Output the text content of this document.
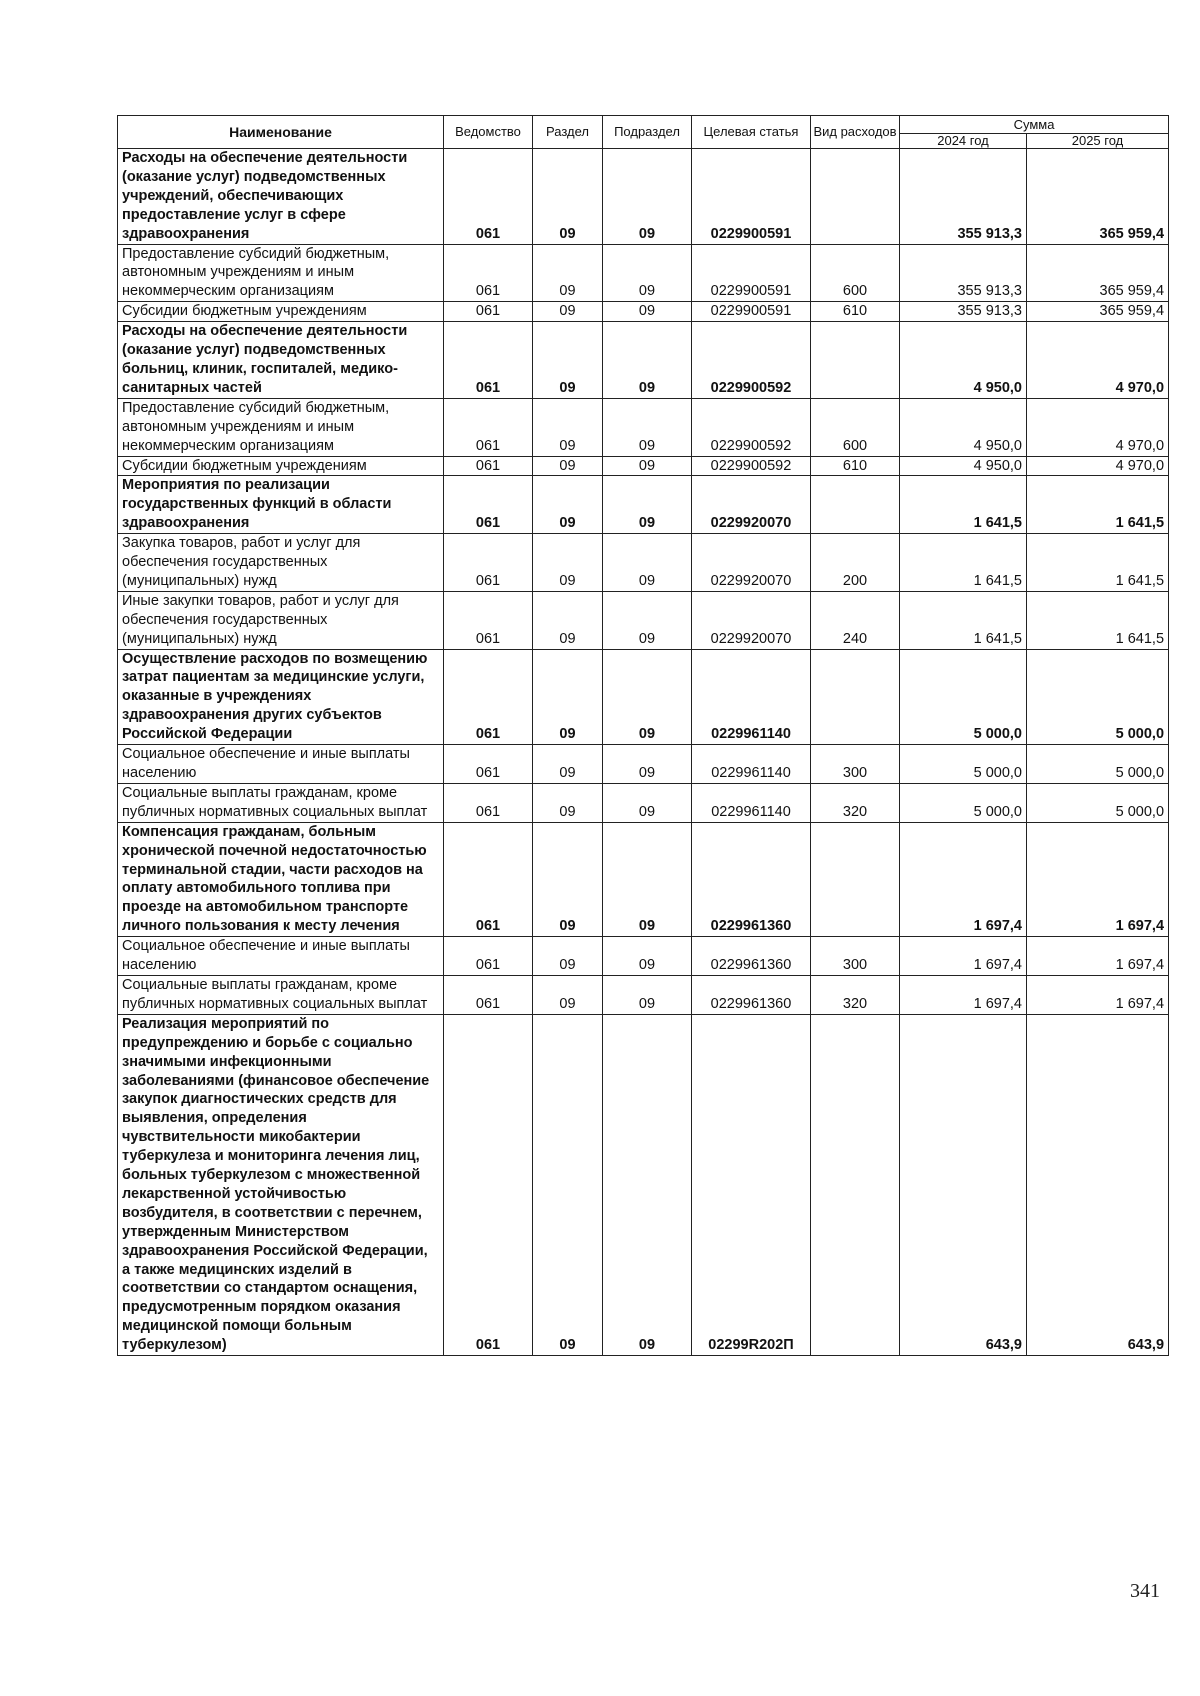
Наименование	Ведомство	Раздел	Подраздел	Целевая статья	Вид расходов	Сумма	
						2024 год	2025 год
Расходы на обеспечение деятельности (оказание услуг) подведомственных учреждений, обеспечивающих предоставление услуг в сфере здравоохранения	061	09	09	0229900591		355 913,3	365 959,4
Предоставление субсидий бюджетным, автономным учреждениям и иным некоммерческим организациям	061	09	09	0229900591	600	355 913,3	365 959,4
Субсидии бюджетным учреждениям	061	09	09	0229900591	610	355 913,3	365 959,4
Расходы на обеспечение деятельности (оказание услуг) подведомственных больниц, клиник, госпиталей, медико-санитарных частей	061	09	09	0229900592		4 950,0	4 970,0
Предоставление субсидий бюджетным, автономным учреждениям и иным некоммерческим организациям	061	09	09	0229900592	600	4 950,0	4 970,0
Субсидии бюджетным учреждениям	061	09	09	0229900592	610	4 950,0	4 970,0
Мероприятия по реализации государственных функций в области здравоохранения	061	09	09	0229920070		1 641,5	1 641,5
Закупка товаров, работ и услуг для обеспечения государственных (муниципальных) нужд	061	09	09	0229920070	200	1 641,5	1 641,5
Иные закупки товаров, работ и услуг для обеспечения государственных (муниципальных) нужд	061	09	09	0229920070	240	1 641,5	1 641,5
Осуществление расходов по возмещению затрат пациентам за медицинские услуги, оказанные в учреждениях здравоохранения других субъектов Российской Федерации	061	09	09	0229961140		5 000,0	5 000,0
Социальное обеспечение и иные выплаты населению	061	09	09	0229961140	300	5 000,0	5 000,0
Социальные выплаты гражданам, кроме публичных нормативных социальных выплат	061	09	09	0229961140	320	5 000,0	5 000,0
Компенсация гражданам, больным хронической почечной недостаточностью терминальной стадии, части расходов на оплату автомобильного топлива при проезде на автомобильном транспорте личного пользования к месту лечения	061	09	09	0229961360		1 697,4	1 697,4
Социальное обеспечение и иные выплаты населению	061	09	09	0229961360	300	1 697,4	1 697,4
Социальные выплаты гражданам, кроме публичных нормативных социальных выплат	061	09	09	0229961360	320	1 697,4	1 697,4
Реализация мероприятий по предупреждению и борьбе с социально значимыми инфекционными заболеваниями (финансовое обеспечение закупок диагностических средств для выявления, определения чувствительности микобактерии туберкулеза и мониторинга лечения лиц, больных туберкулезом с множественной лекарственной устойчивостью возбудителя, в соответствии с перечнем, утвержденным Министерством здравоохранения Российской Федерации, а также медицинских изделий в соответствии со стандартом оснащения, предусмотренным порядком оказания медицинской помощи больным туберкулезом)	061	09	09	02299R202П		643,9	643,9
341
